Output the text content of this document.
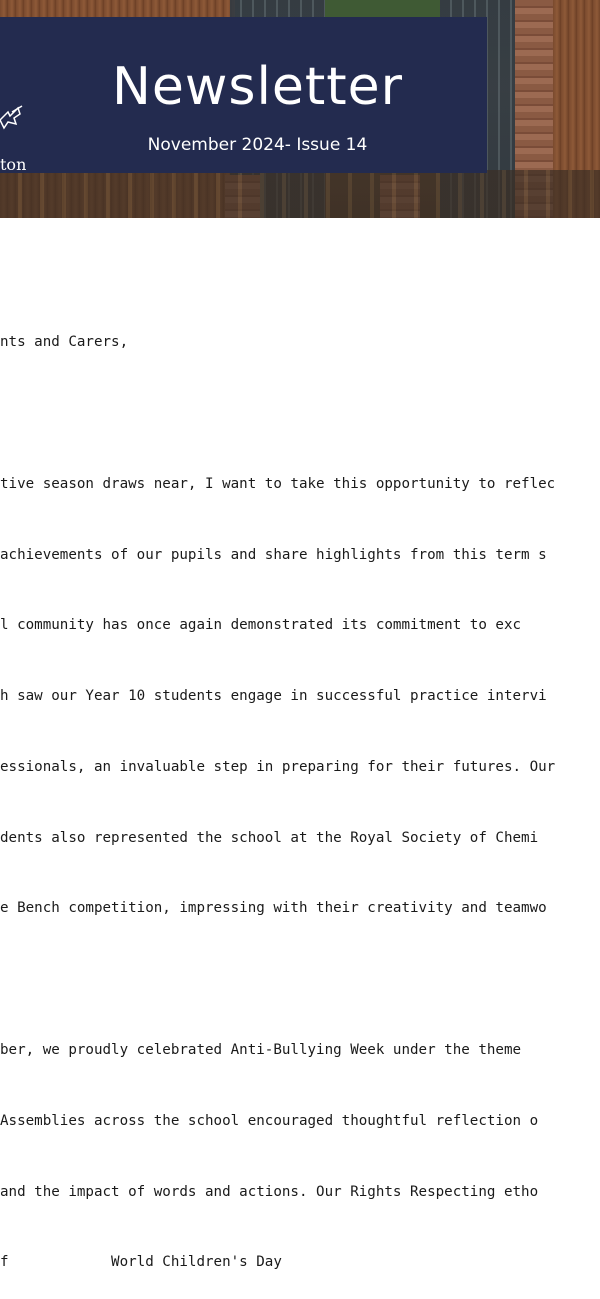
Newsletter
November 2024- Issue 14
ton

nts and Carers,

tive season draws near, I want to take this opportunity to reflec

achievements of our pupils and share highlights from this term s

l community has once again demonstrated its commitment to exc

h saw our Year 10 students engage in successful practice intervi

essionals, an invaluable step in preparing for their futures. Our

dents also represented the school at the Royal Society of Chemi

e Bench competition, impressing with their creativity and teamwo

ber, we proudly celebrated Anti-Bullying Week under the theme

Assemblies across the school encouraged thoughtful reflection o

and the impact of words and actions. Our Rights Respecting etho

f            World Children's Day
